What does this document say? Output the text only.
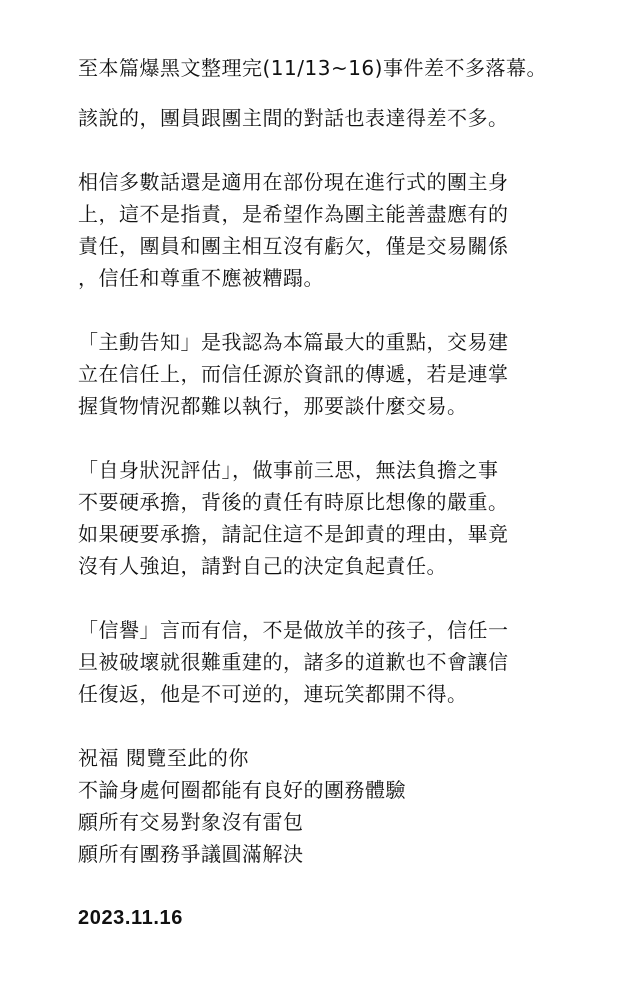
至本篇爆黑文整理完(11/13~16)事件差不多落幕。

該說的，團員跟團主間的對話也表達得差不多。

相信多數話還是適用在部份現在進行式的團主身
上，這不是指責，是希望作為團主能善盡應有的
責任，團員和團主相互沒有虧欠，僅是交易關係
，信任和尊重不應被糟蹋。

「主動告知」是我認為本篇最大的重點，交易建
立在信任上，而信任源於資訊的傳遞，若是連掌
握貨物情況都難以執行，那要談什麼交易。

「自身狀況評估」，做事前三思，無法負擔之事
不要硬承擔，背後的責任有時原比想像的嚴重。
如果硬要承擔，請記住這不是卸責的理由，畢竟
沒有人強迫，請對自己的決定負起責任。

「信譽」言而有信，不是做放羊的孩子，信任一
旦被破壞就很難重建的，諸多的道歉也不會讓信
任復返，他是不可逆的，連玩笑都開不得。

祝福 閱覽至此的你
不論身處何圈都能有良好的團務體驗
願所有交易對象沒有雷包
願所有團務爭議圓滿解決

2023.11.16
